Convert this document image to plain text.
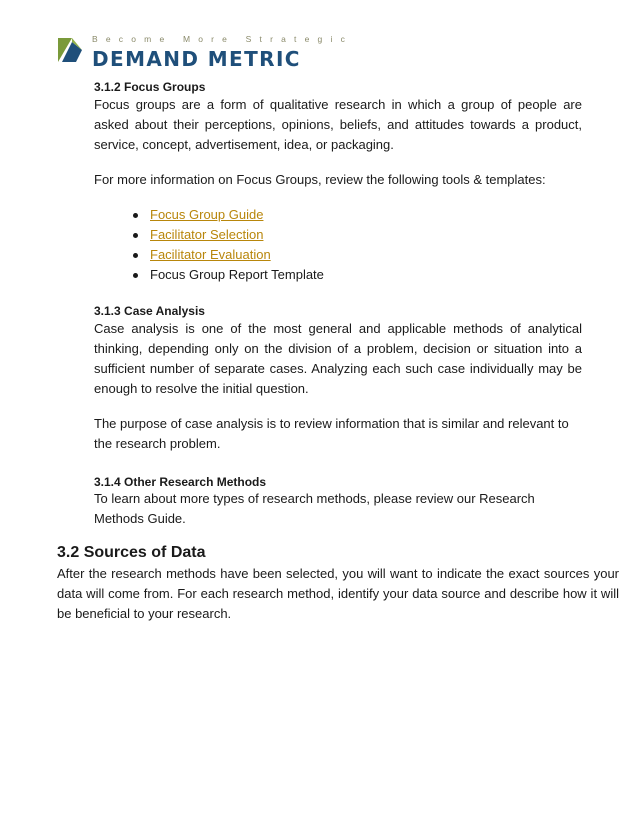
Become More Strategic
DEMAND METRIC
3.1.2 Focus Groups

Focus groups are a form of qualitative research in which a group of people are asked about their perceptions, opinions, beliefs, and attitudes towards a product, service, concept, advertisement, idea, or packaging.

For more information on Focus Groups, review the following tools & templates:

Focus Group Guide
Facilitator Selection
Facilitator Evaluation
Focus Group Report Template
3.1.3 Case Analysis

Case analysis is one of the most general and applicable methods of analytical thinking, depending only on the division of a problem, decision or situation into a sufficient number of separate cases. Analyzing each such case individually may be enough to resolve the initial question.

The purpose of case analysis is to review information that is similar and relevant to the research problem.

3.1.4 Other Research Methods

To learn about more types of research methods, please review our Research Methods Guide.

3.2 Sources of Data

After the research methods have been selected, you will want to indicate the exact sources your data will come from. For each research method, identify your data source and describe how it will be beneficial to your research.
